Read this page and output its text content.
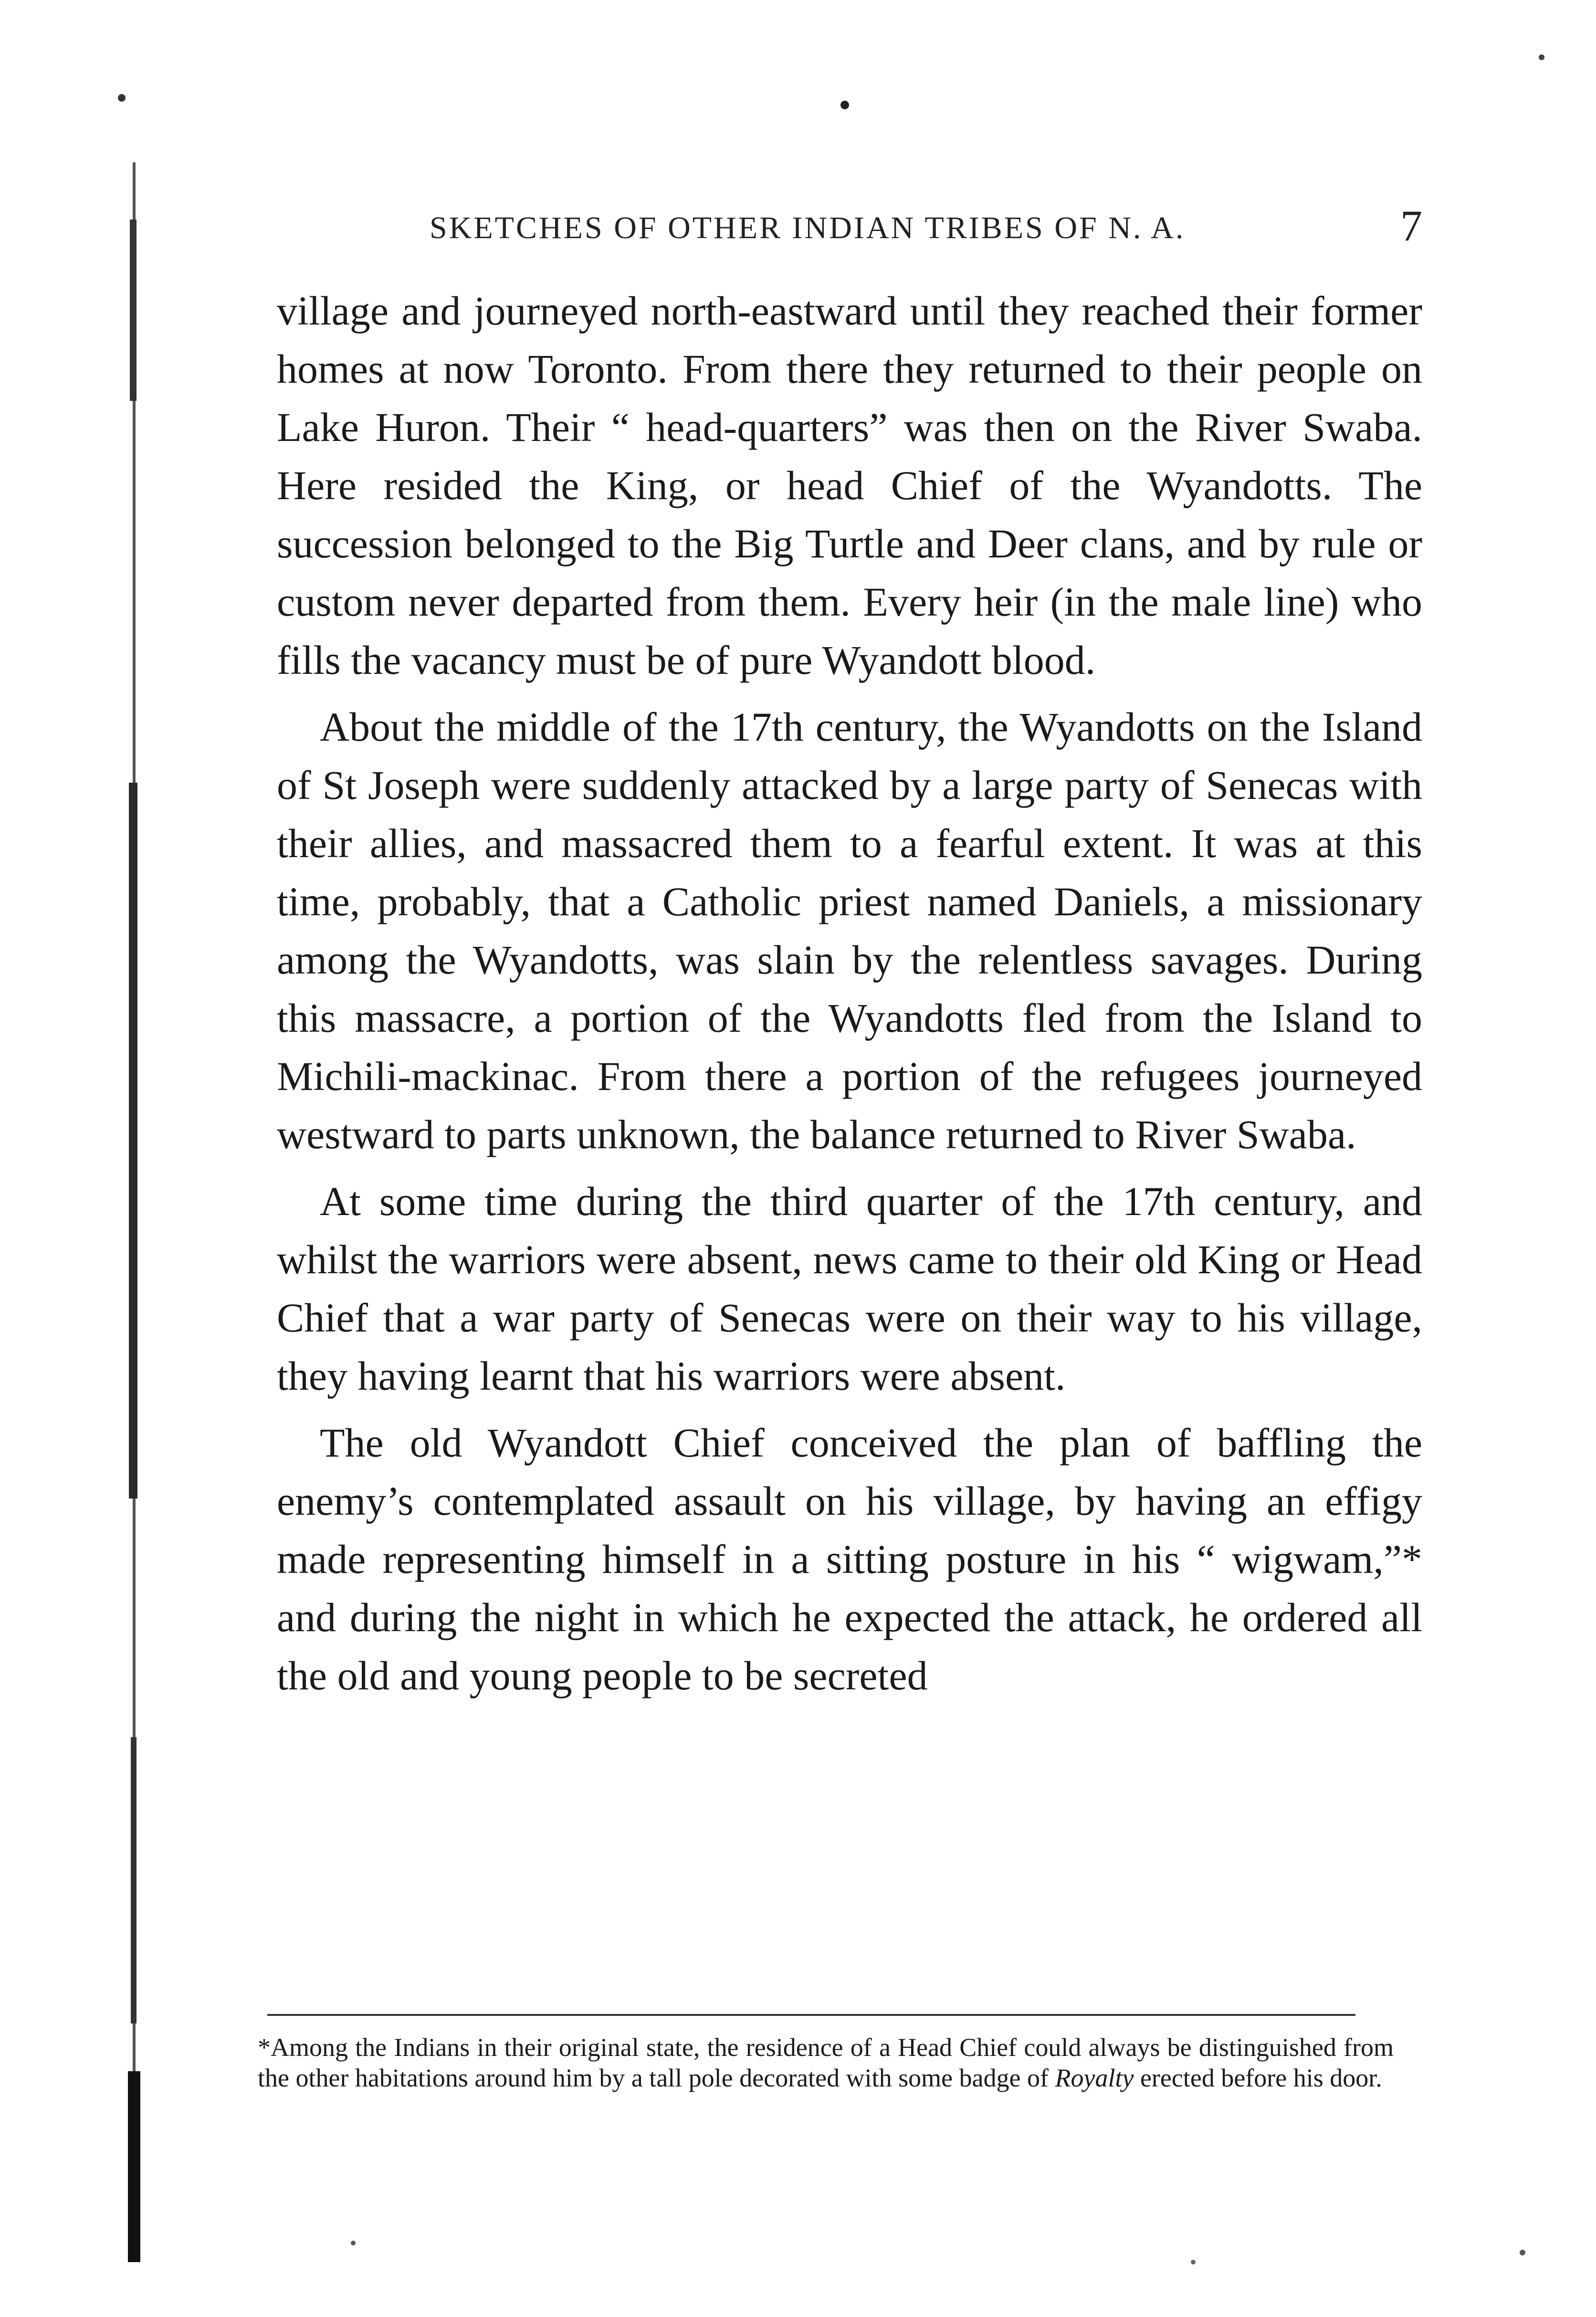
SKETCHES OF OTHER INDIAN TRIBES OF N. A.	7

village and journeyed north-eastward until they reached their former homes at now Toronto. From there they returned to their people on Lake Huron. Their “ head-quarters” was then on the River Swaba. Here resided the King, or head Chief of the Wyandotts. The succession belonged to the Big Turtle and Deer clans, and by rule or custom never departed from them. Every heir (in the male line) who fills the vacancy must be of pure Wyandott blood.

About the middle of the 17th century, the Wyandotts on the Island of St Joseph were suddenly attacked by a large party of Senecas with their allies, and massacred them to a fearful extent. It was at this time, probably, that a Catholic priest named Daniels, a missionary among the Wyandotts, was slain by the relentless savages. During this massacre, a portion of the Wyandotts fled from the Island to Michili-mackinac. From there a portion of the refugees journeyed westward to parts unknown, the balance returned to River Swaba.

At some time during the third quarter of the 17th century, and whilst the warriors were absent, news came to their old King or Head Chief that a war party of Senecas were on their way to his village, they having learnt that his warriors were absent.

The old Wyandott Chief conceived the plan of baffling the enemy’s contemplated assault on his village, by having an effigy made representing himself in a sitting posture in his “ wigwam,”* and during the night in which he expected the attack, he ordered all the old and young people to be secreted

*Among the Indians in their original state, the residence of a Head Chief could always be distinguished from the other habitations around him by a tall pole decorated with some badge of Royalty erected before his door.
